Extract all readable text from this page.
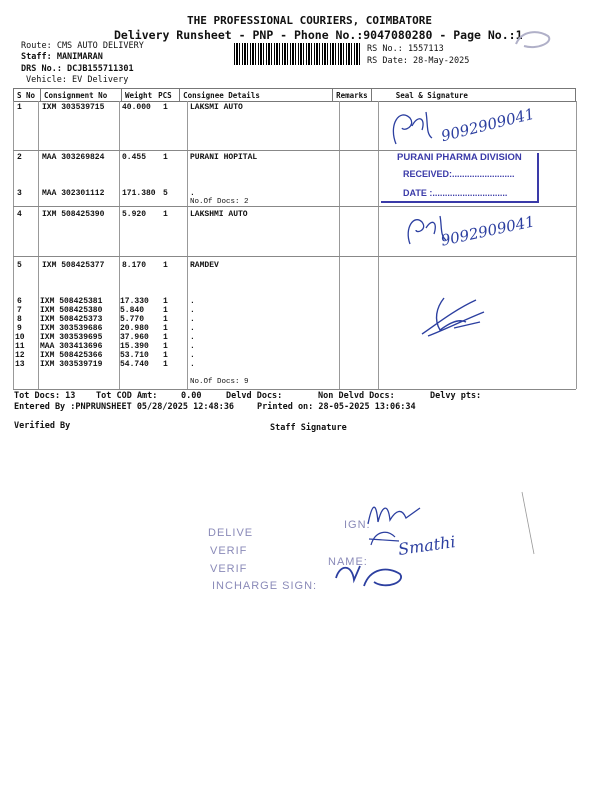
THE PROFESSIONAL COURIERS, COIMBATORE
Delivery Runsheet - PNP - Phone No.:9047080280 - Page No.:1
Route: CMS AUTO DELIVERY
Staff: MANIMARAN
DRS No.: DCJB155711301
Vehicle: EV Delivery
RS No.: 1557113
RS Date: 28-May-2025
S No	Consignment No	Weight	PCS	Consignee Details	Remarks	Seal & Signature
1	IXM 303539715 40.000 1	LAKSMI AUTO
2	MAA 303269824 0.455 1	PURANI HOPITAL
3	MAA 302301112 171.380 5	.
No.Of Docs: 2
4	IXM 508425390 5.920 1	LAKSHMI AUTO
5	IXM 508425377 8.170 1	RAMDEV
6 IXM 508425381 17.330 1	.
7 IXM 508425380 5.840 1	.
8 IXM 508425373 5.770 1	.
9 IXM 303539686 20.980 1	.
10 IXM 303539695 37.960 1	.
11 MAA 303413696 15.390 1	.
12 IXM 508425366 53.710 1	.
13 IXM 303539719 54.740 1	.
No.Of Docs: 9
PURANI PHARMA DIVISION
RECEIVED:.........................
DATE :..............................
9092909041
9092909041
Tot Docs: 13 Tot COD Amt:	0.00	Delvd Docs:	Non Delvd Docs:	Delvy pts:
Entered By :PNPRUNSHEET 05/28/2025 12:48:36	Printed on: 28-05-2025 13:06:34
Verified By	Staff Signature
DELIVE
IGN:
VERIF
VERIF
NAME:
INCHARGE SIGN:
Smathi
